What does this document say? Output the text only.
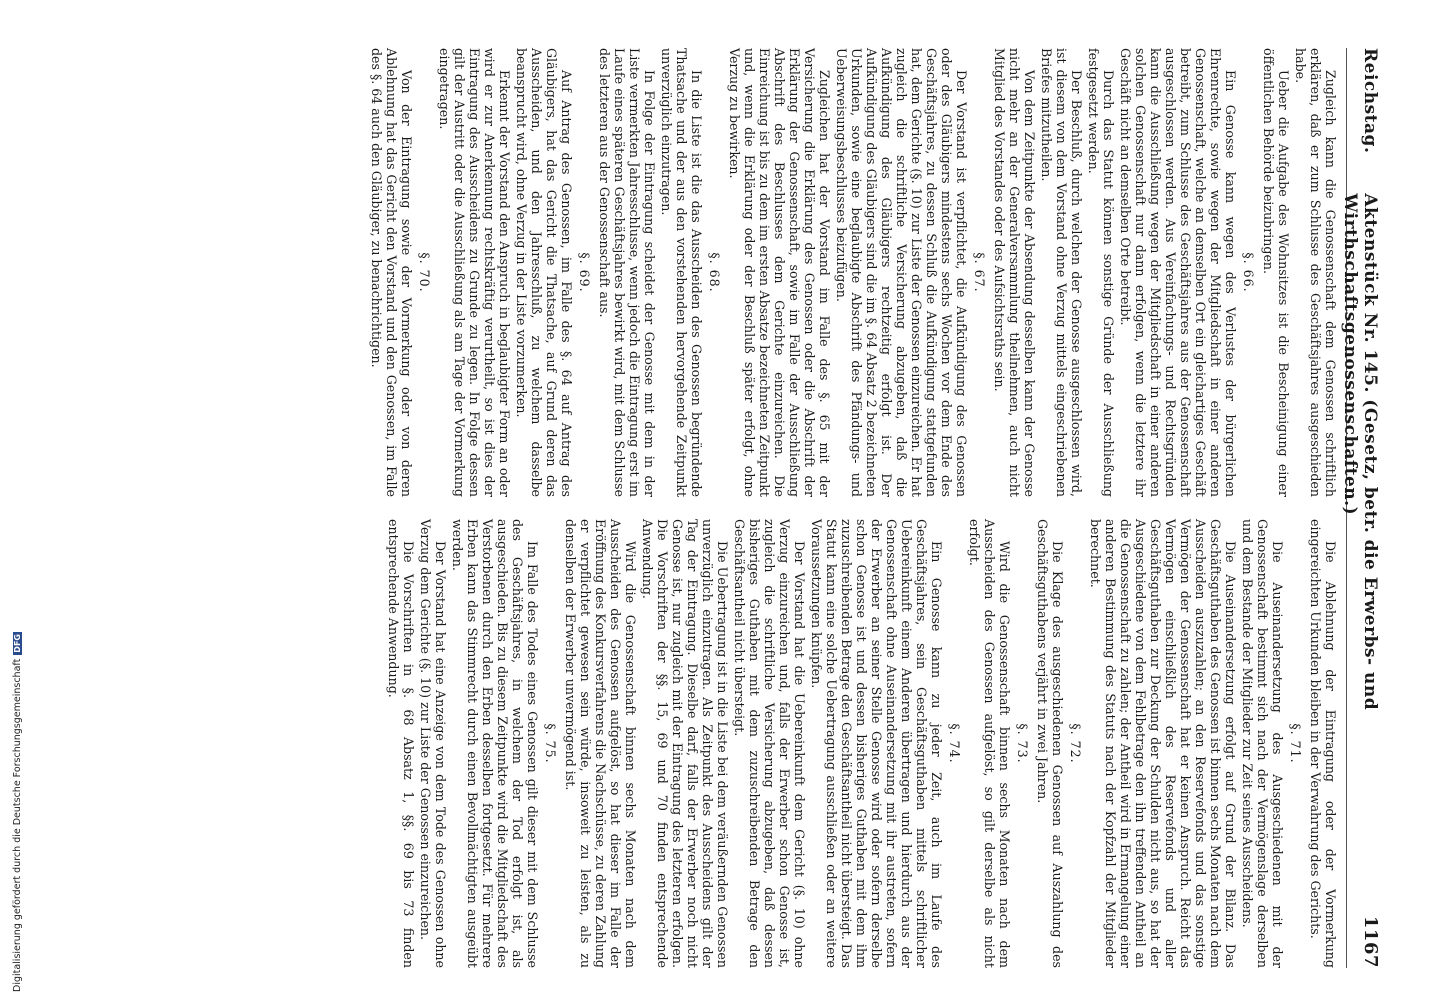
Reichstag.
Aktenstück Nr. 145. (Gesetz, betr. die Erwerbs- und Wirthschaftsgenossenschaften.)
1167

Zugleich kann die Genossenschaft dem Genossen schriftlich erklären, daß er zum Schlusse des Geschäftsjahres ausgeschieden habe.

Ueber die Aufgabe des Wohnsitzes ist die Bescheinigung einer öffentlichen Behörde beizubringen.

§. 66.

Ein Genosse kann wegen des Verlustes der bürgerlichen Ehrenrechte, sowie wegen der Mitgliedschaft in einer anderen Genossenschaft, welche an demselben Ort ein gleichartiges Geschäft betreibt, zum Schlusse des Geschäftsjahres aus der Genossenschaft ausgeschlossen werden. Aus Vereinfachungs- und Rechtsgründen kann die Ausschließung wegen der Mitgliedschaft in einer anderen solchen Genossenschaft nur dann erfolgen, wenn die letztere ihr Geschäft nicht an demselben Orte betreibt.

Durch das Statut können sonstige Gründe der Ausschließung festgesetzt werden.

Der Beschluß, durch welchen der Genosse ausgeschlossen wird, ist diesem von dem Vorstand ohne Verzug mittels eingeschriebenen Briefes mitzutheilen.

Von dem Zeitpunkte der Absendung desselben kann der Genosse nicht mehr an der Generalversammlung theilnehmen, auch nicht Mitglied des Vorstandes oder des Aufsichtsraths sein.

§. 67.

Der Vorstand ist verpflichtet, die Aufkündigung des Genossen oder des Gläubigers mindestens sechs Wochen vor dem Ende des Geschäftsjahres, zu dessen Schluß die Aufkündigung stattgefunden hat, dem Gerichte (§. 10) zur Liste der Genossen einzureichen. Er hat zugleich die schriftliche Versicherung abzugeben, daß die Aufkündigung des Gläubigers rechtzeitig erfolgt ist. Der Aufkündigung des Gläubigers sind die im §. 64 Absatz 2 bezeichneten Urkunden, sowie eine beglaubigte Abschrift des Pfändungs- und Ueberweisungsbeschlusses beizufügen.

Zugleichen hat der Vorstand im Falle des §. 65 mit der Versicherung die Erklärung des Genossen oder die Abschrift der Erklärung der Genossenschaft, sowie im Falle der Ausschließung Abschrift des Beschlusses dem Gerichte einzureichen. Die Einreichung ist bis zu dem im ersten Absatze bezeichneten Zeitpunkt und, wenn die Erklärung oder der Beschluß später erfolgt, ohne Verzug zu bewirken.

§. 68.

In die Liste ist die das Ausscheiden des Genossen begründende Thatsache und der aus den vorstehenden hervorgehende Zeitpunkt unverzüglich einzutragen.

In Folge der Eintragung scheidet der Genosse mit dem in der Liste vermerkten Jahresschlusse, wenn jedoch die Eintragung erst im Laufe eines späteren Geschäftsjahres bewirkt wird, mit dem Schlusse des letzteren aus der Genossenschaft aus.

§. 69.

Auf Antrag des Genossen, im Falle des §. 64 auf Antrag des Gläubigers, hat das Gericht die Thatsache, auf Grund deren das Ausscheiden, und den Jahresschluß, zu welchem dasselbe beansprucht wird, ohne Verzug in der Liste vorzumerken.

Erkennt der Vorstand den Anspruch in beglaubigter Form an oder wird er zur Anerkennung rechtskräftig verurtheilt, so ist dies der Eintragung des Ausscheidens zu Grunde zu legen. In Folge dessen gilt der Austritt oder die Ausschließung als am Tage der Vormerkung eingetragen.

§. 70.

Von der Eintragung sowie der Vormerkung oder von deren Ablehnung hat das Gericht den Vorstand und den Genossen, im Falle des §. 64 auch den Gläubiger, zu benachrichtigen.

Die Ablehnung der Eintragung oder der Vormerkung eingereichten Urkunden bleiben in der Verwahrung des Gerichts.

§. 71.

Die Auseinandersetzung des Ausgeschiedenen mit der Genossenschaft bestimmt sich nach der Vermögenslage derselben und dem Bestande der Mitglieder zur Zeit seines Ausscheidens.

Die Auseinandersetzung erfolgt auf Grund der Bilanz. Das Geschäftsguthaben des Genossen ist binnen sechs Monaten nach dem Ausscheiden auszuzahlen; an den Reservefonds und das sonstige Vermögen der Genossenschaft hat er keinen Anspruch. Reicht das Vermögen einschließlich des Reservefonds und aller Geschäftsguthaben zur Deckung der Schulden nicht aus, so hat der Ausgeschiedene von dem Fehlbetrage den ihn treffenden Antheil an die Genossenschaft zu zahlen; der Antheil wird in Ermangelung einer anderen Bestimmung des Statuts nach der Kopfzahl der Mitglieder berechnet.

§. 72.

Die Klage des ausgeschiedenen Genossen auf Auszahlung des Geschäftsguthabens verjährt in zwei Jahren.

§. 73.

Wird die Genossenschaft binnen sechs Monaten nach dem Ausscheiden des Genossen aufgelöst, so gilt derselbe als nicht erfolgt.

§. 74.

Ein Genosse kann zu jeder Zeit, auch im Laufe des Geschäftsjahres, sein Geschäftsguthaben mittels schriftlicher Uebereinkunft einem Anderen übertragen und hierdurch aus der Genossenschaft ohne Auseinandersetzung mit ihr austreten, sofern der Erwerber an seiner Stelle Genosse wird oder sofern derselbe schon Genosse ist und dessen bisheriges Guthaben mit dem ihm zuzuschreibenden Betrage den Geschäftsantheil nicht übersteigt. Das Statut kann eine solche Uebertragung ausschließen oder an weitere Voraussetzungen knüpfen.

Der Vorstand hat die Uebereinkunft dem Gericht (§. 10) ohne Verzug einzureichen und, falls der Erwerber schon Genosse ist, zugleich die schriftliche Versicherung abzugeben, daß dessen bisheriges Guthaben mit dem zuzuschreibenden Betrage den Geschäftsantheil nicht übersteigt.

Die Uebertragung ist in die Liste bei dem veräußernden Genossen unverzüglich einzutragen. Als Zeitpunkt des Ausscheidens gilt der Tag der Eintragung. Dieselbe darf, falls der Erwerber noch nicht Genosse ist, nur zugleich mit der Eintragung des letzteren erfolgen. Die Vorschriften der §§. 15, 69 und 70 finden entsprechende Anwendung.

Wird die Genossenschaft binnen sechs Monaten nach dem Ausscheiden des Genossen aufgelöst, so hat dieser im Falle der Eröffnung des Konkursverfahrens die Nachschüsse, zu deren Zahlung er verpflichtet gewesen sein würde, insoweit zu leisten, als zu denselben der Erwerber unvermögend ist.

§. 75.

Im Falle des Todes eines Genossen gilt dieser mit dem Schlusse des Geschäftsjahres, in welchem der Tod erfolgt ist, als ausgeschieden. Bis zu diesem Zeitpunkte wird die Mitgliedschaft des Verstorbenen durch den Erben desselben fortgesetzt. Für mehrere Erben kann das Stimmrecht durch einen Bevollmächtigten ausgeübt werden.

Der Vorstand hat eine Anzeige von dem Tode des Genossen ohne Verzug dem Gerichte (§. 10) zur Liste der Genossen einzureichen.

Die Vorschriften in §. 68 Absatz 1, §§. 69 bis 73 finden entsprechende Anwendung.

Digitalisierung gefördert durch die Deutsche ForschungsgemeinschaftDFG
